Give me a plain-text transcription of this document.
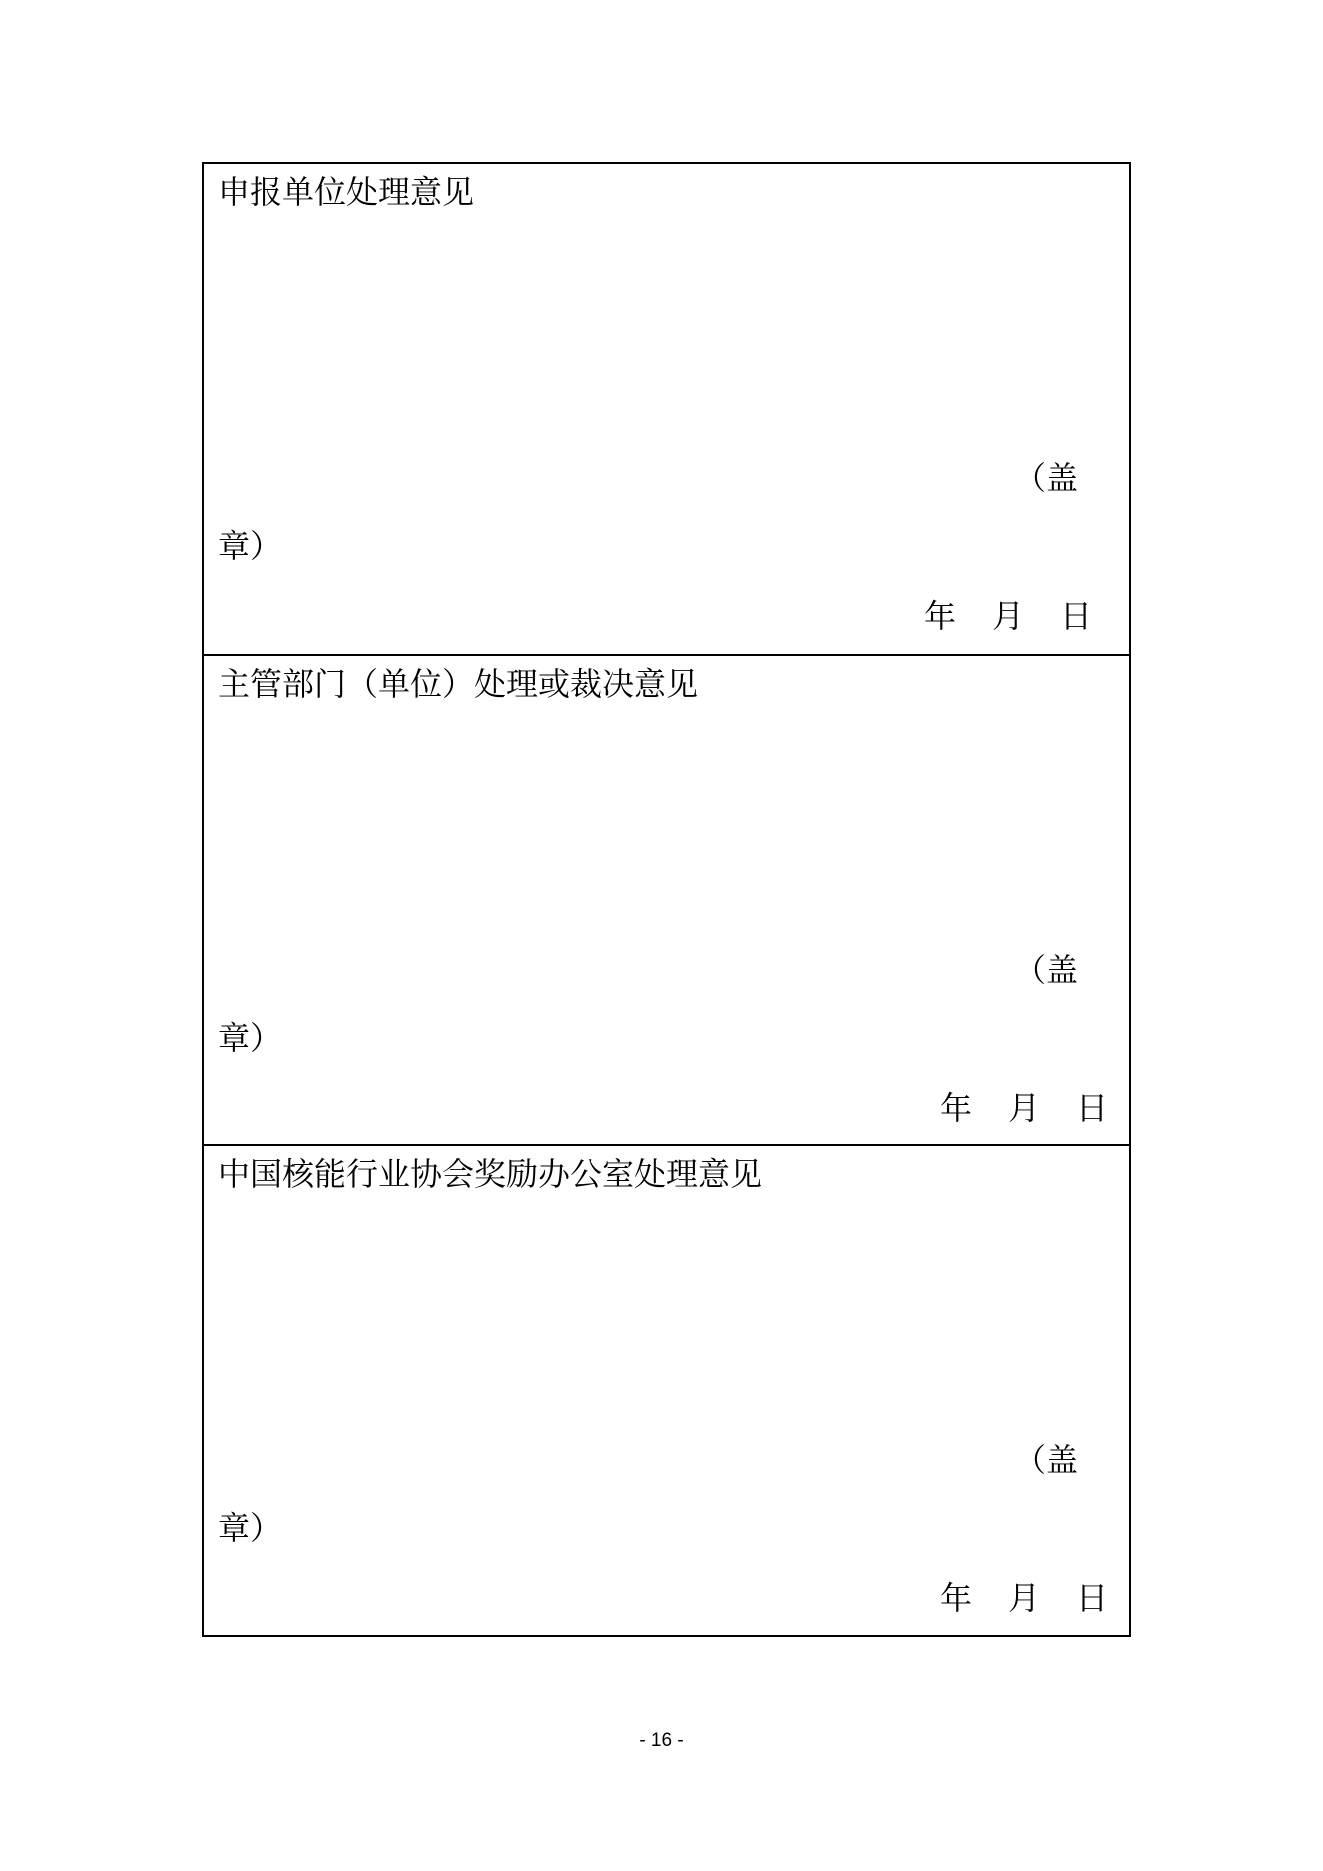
申报单位处理意见
（盖
章）
年 月 日
主管部门（单位）处理或裁决意见
（盖
章）
年 月 日
中国核能行业协会奖励办公室处理意见
（盖
章）
年 月 日
- 16 -
